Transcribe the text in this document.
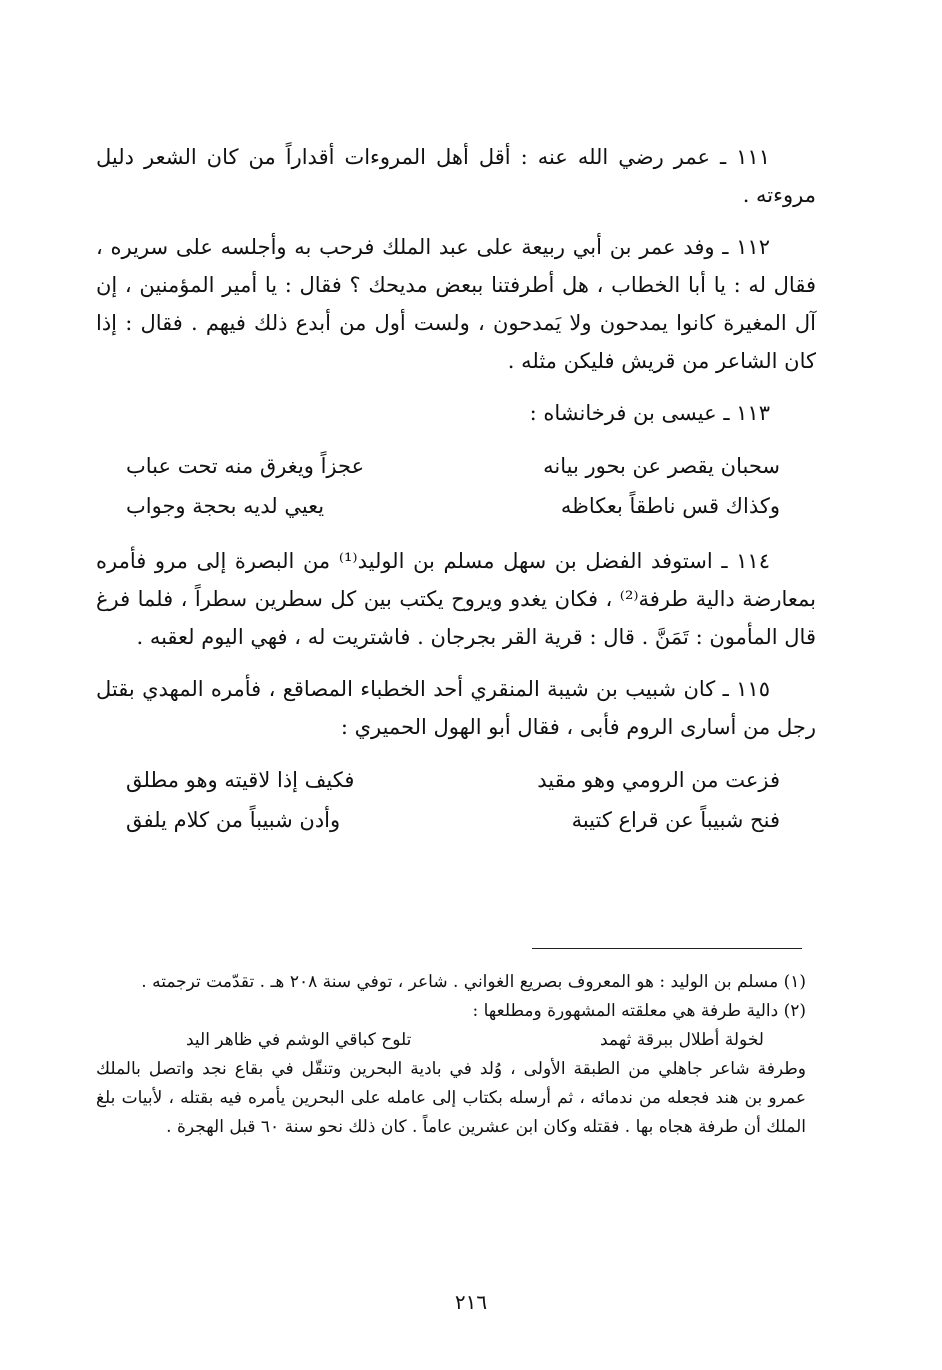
١١١ ـ عمر رضي الله عنه : أقل أهل المروءات أقداراً من كان الشعر دليل مروءته .

١١٢ ـ وفد عمر بن أبي ربيعة على عبد الملك فرحب به وأجلسه على سريره ، فقال له : يا أبا الخطاب ، هل أطرفتنا ببعض مديحك ؟ فقال : يا أمير المؤمنين ، إن آل المغيرة كانوا يمدحون ولا يَمدحون ، ولست أول من أبدع ذلك فيهم . فقال : إذا كان الشاعر من قريش فليكن مثله .

١١٣ ـ عيسى بن فرخانشاه :

سحبان يقصر عن بحور بيانه
عجزاً ويغرق منه تحت عباب
وكذاك قس ناطقاً بعكاظه
يعيي لديه بحجة وجواب

١١٤ ـ استوفد الفضل بن سهل مسلم بن الوليد⁽¹⁾ من البصرة إلى مرو فأمره بمعارضة دالية طرفة⁽²⁾ ، فكان يغدو ويروح يكتب بين كل سطرين سطراً ، فلما فرغ قال المأمون : تَمَنَّ . قال : قرية القر بجرجان . فاشتريت له ، فهي اليوم لعقبه .

١١٥ ـ كان شبيب بن شيبة المنقري أحد الخطباء المصاقع ، فأمره المهدي بقتل رجل من أسارى الروم فأبى ، فقال أبو الهول الحميري :

فزعت من الرومي وهو مقيد
فكيف إذا لاقيته وهو مطلق
فنح شبيباً عن قراع كتيبة
وأدن شبيباً من كلام يلفق

(١) مسلم بن الوليد : هو المعروف بصريع الغواني . شاعر ، توفي سنة ٢٠٨ هـ . تقدّمت ترجمته .

(٢) دالية طرفة هي معلقته المشهورة ومطلعها :

لخولة أطلال ببرقة ثهمد
تلوح كباقي الوشم في ظاهر اليد

وطرفة شاعر جاهلي من الطبقة الأولى ، وُلد في بادية البحرين وتنقّل في بقاع نجد واتصل بالملك عمرو بن هند فجعله من ندمائه ، ثم أرسله بكتاب إلى عامله على البحرين يأمره فيه بقتله ، لأبيات بلغ الملك أن طرفة هجاه بها . فقتله وكان ابن عشرين عاماً . كان ذلك نحو سنة ٦٠ قبل الهجرة .

٢١٦
